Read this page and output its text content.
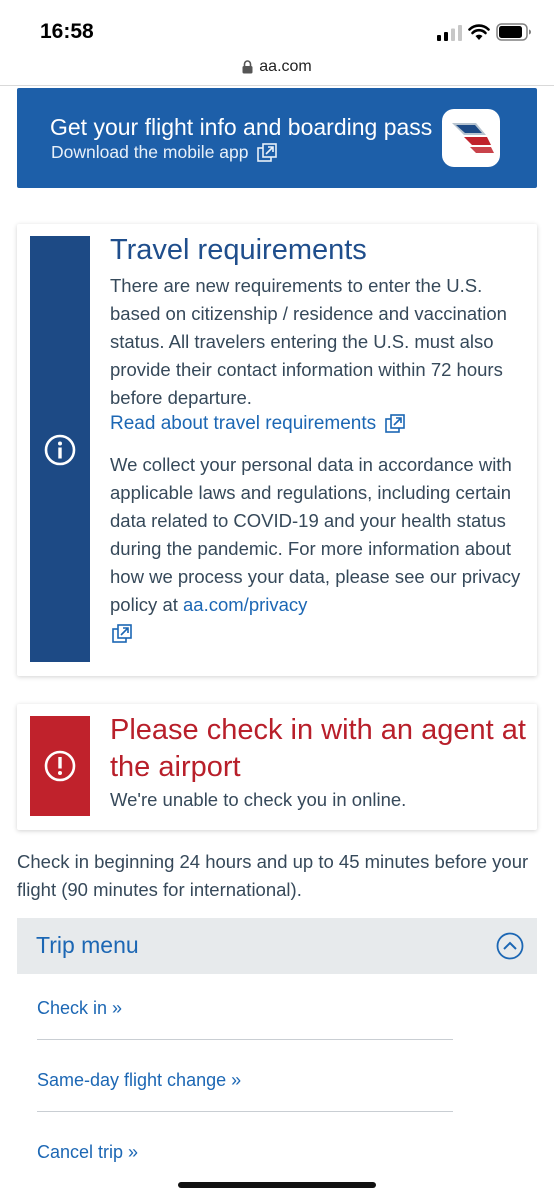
16:58
aa.com
Get your flight info and boarding pass
Download the mobile app
Travel requirements
There are new requirements to enter the U.S. based on citizenship / residence and vaccination status. All travelers entering the U.S. must also provide their contact information within 72 hours before departure.
Read about travel requirements
We collect your personal data in accordance with applicable laws and regulations, including certain data related to COVID-19 and your health status during the pandemic. For more information about how we process your data, please see our privacy policy at aa.com/privacy
Please check in with an agent at the airport
We're unable to check you in online.
Check in beginning 24 hours and up to 45 minutes before your flight (90 minutes for international).
Trip menu
Check in »
Same-day flight change »
Cancel trip »
